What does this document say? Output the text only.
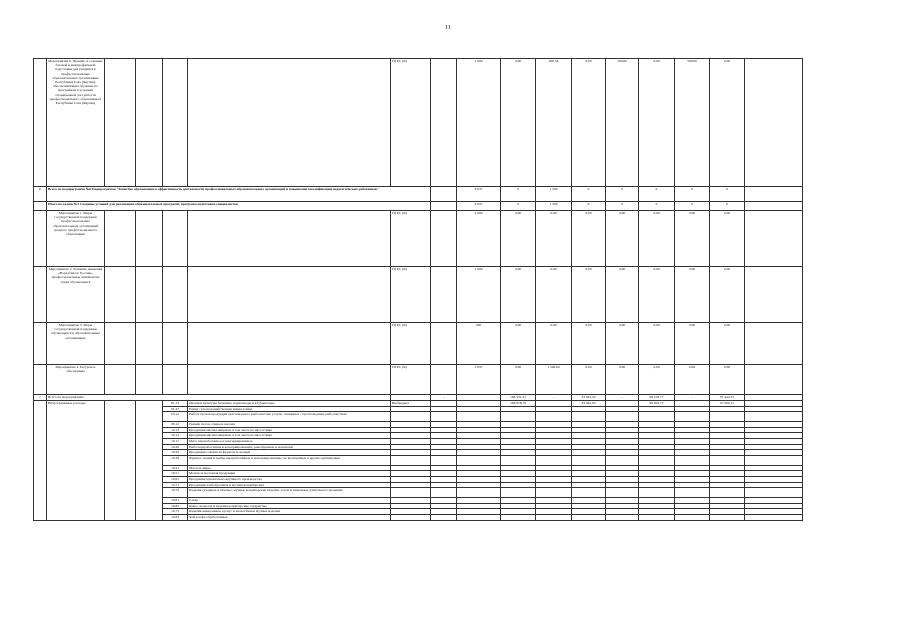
11
	Мероприятие 6. Премии за освоение базовой и межпрофильной подготовки для учащихся в профессиональных образовательных организациях Республики Саха (Якутия), обеспечивающих обучение по программам в условиях ограниченной доступности профессионального образования в Республике Саха (Якутия)					ГБ РС (Я)		1 000	0,00	200,34	0,00	500,00	0,00	500,00	0,00	
6	Всего по подпрограмме №6 Подпрограмма "Качество образования и эффективность деятельности профессиональных образовательных организаций и повышение квалификации педагогических работников"							6 037	0	1 500	0	0	0	0	0	
	Итого по задаче №1 Создание условий для реализации образовательных программ, программ подготовки специалистов							6 037	0	1 500	0	0	0	0	0	
	Мероприятие 1. Меры государственной поддержки профессиональных образовательных организаций среднего профессионального образования					ГБ РС (Я)		2 000	0,00	0,00	0,00	0,00	0,00	0,00	0,00	
	Мероприятие 2. Развитие движения «Ворлдскиллс Россия», профессиональные чемпионаты среди обучающихся					ГБ РС (Я)		1 000	0,00	0,00	0,00	0,00	0,00	0,00	0,00	
	Мероприятие 3. Меры государственной поддержки обучающихся в образовательных организациях					ГБ РС (Я)		200	0,00	0,00	0,00	0,00	0,00	0,00	0,00	
	Мероприятие 4. Ресурсное обеспечение					ГБ РС (Я)		2 837	0,00	1 500,00	0,00	0,00	0,00	0,00	0,00	
7	Всего по мероприятиям						-		166 531,21	-	33 042,50	-	96 103,77	-	97 444,72	
	Непрограммные расходы			01.13	Овощи и культуры бахчевые, корнеплоды и клубнеплоды	Внебюджет			166 878,78		33 442,93		96 003,77		97 000,11	
				01.47	Птица сельскохозяйственная живая и яйца											
				03.12	Рыба и прочая продукция пресноводного рыболовства; услуги, связанные с пресноводным рыболовством											
				08.12	Гравий, песок, глины и каолин											
				10.13	Продукция мясная пищевая, в том числе из мяса птицы											
				10.12	Продукция мясная пищевая, в том числе из мяса птицы											
				10.11	Мясо переработанное и консервированное											
				10.20	Рыба переработанная и консервированная, ракообразные и моллюски											
				10.32	Продукция соковая из фруктов и овощей											
				10.39	Фрукты, овощи и грибы переработанные и консервированные, не включенные в другие группировки											
				10.41	Масла и жиры											
				10.51	Молоко и молочная продукция											
				10.61	Продукция мукомольно-крупяного производства											
				10.71	Продукция хлебобулочная и мучная кондитерская											
				10.72	Изделия сухарные и печенье; мучные кондитерские изделия, торты и пирожные длительного хранения											
				10.81	Сахар											
				10.82	Какао, шоколад и изделия кондитерские сахаристые											
				10.73	Изделия макаронные, кускус и аналогичные мучные изделия											
				10.83	Чай и кофе обработанные											
